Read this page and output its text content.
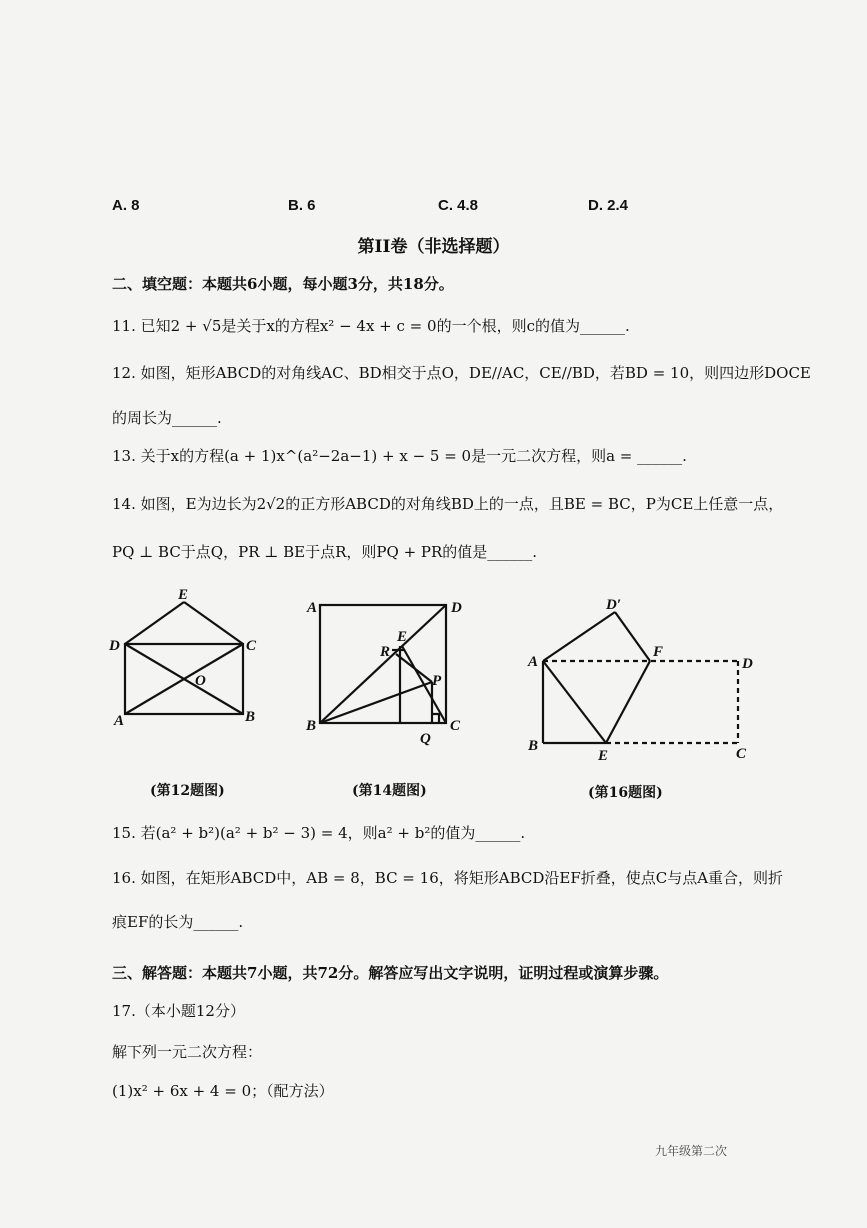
A. 8	B. 6	C. 4.8	D. 2.4
第II卷（非选择题）
二、填空题：本题共6小题，每小题3分，共18分。
11. 已知2 + √5是关于x的方程x² − 4x + c = 0的一个根，则c的值为______.
12. 如图，矩形ABCD的对角线AC、BD相交于点O，DE//AC，CE//BD，若BD = 10，则四边形DOCE
的周长为______.
13. 关于x的方程(a + 1)x^(a²−2a−1) + x − 5 = 0是一元二次方程，则a = ______.
14. 如图，E为边长为2√2的正方形ABCD的对角线BD上的一点，且BE = BC，P为CE上任意一点，
PQ ⊥ BC于点Q，PR ⊥ BE于点R，则PQ + PR的值是______.
E
D	C
O
A	B
A	D
E
R
P
B	C
Q
D′
A
F
D
B
E	C
(第12题图)	(第14题图)	(第16题图)
15. 若(a² + b²)(a² + b² − 3) = 4，则a² + b²的值为______.
16. 如图，在矩形ABCD中，AB = 8，BC = 16，将矩形ABCD沿EF折叠，使点C与点A重合，则折
痕EF的长为______.
三、解答题：本题共7小题，共72分。解答应写出文字说明，证明过程或演算步骤。
17.（本小题12分）
解下列一元二次方程：
(1)x² + 6x + 4 = 0；（配方法）
九年级第二次
